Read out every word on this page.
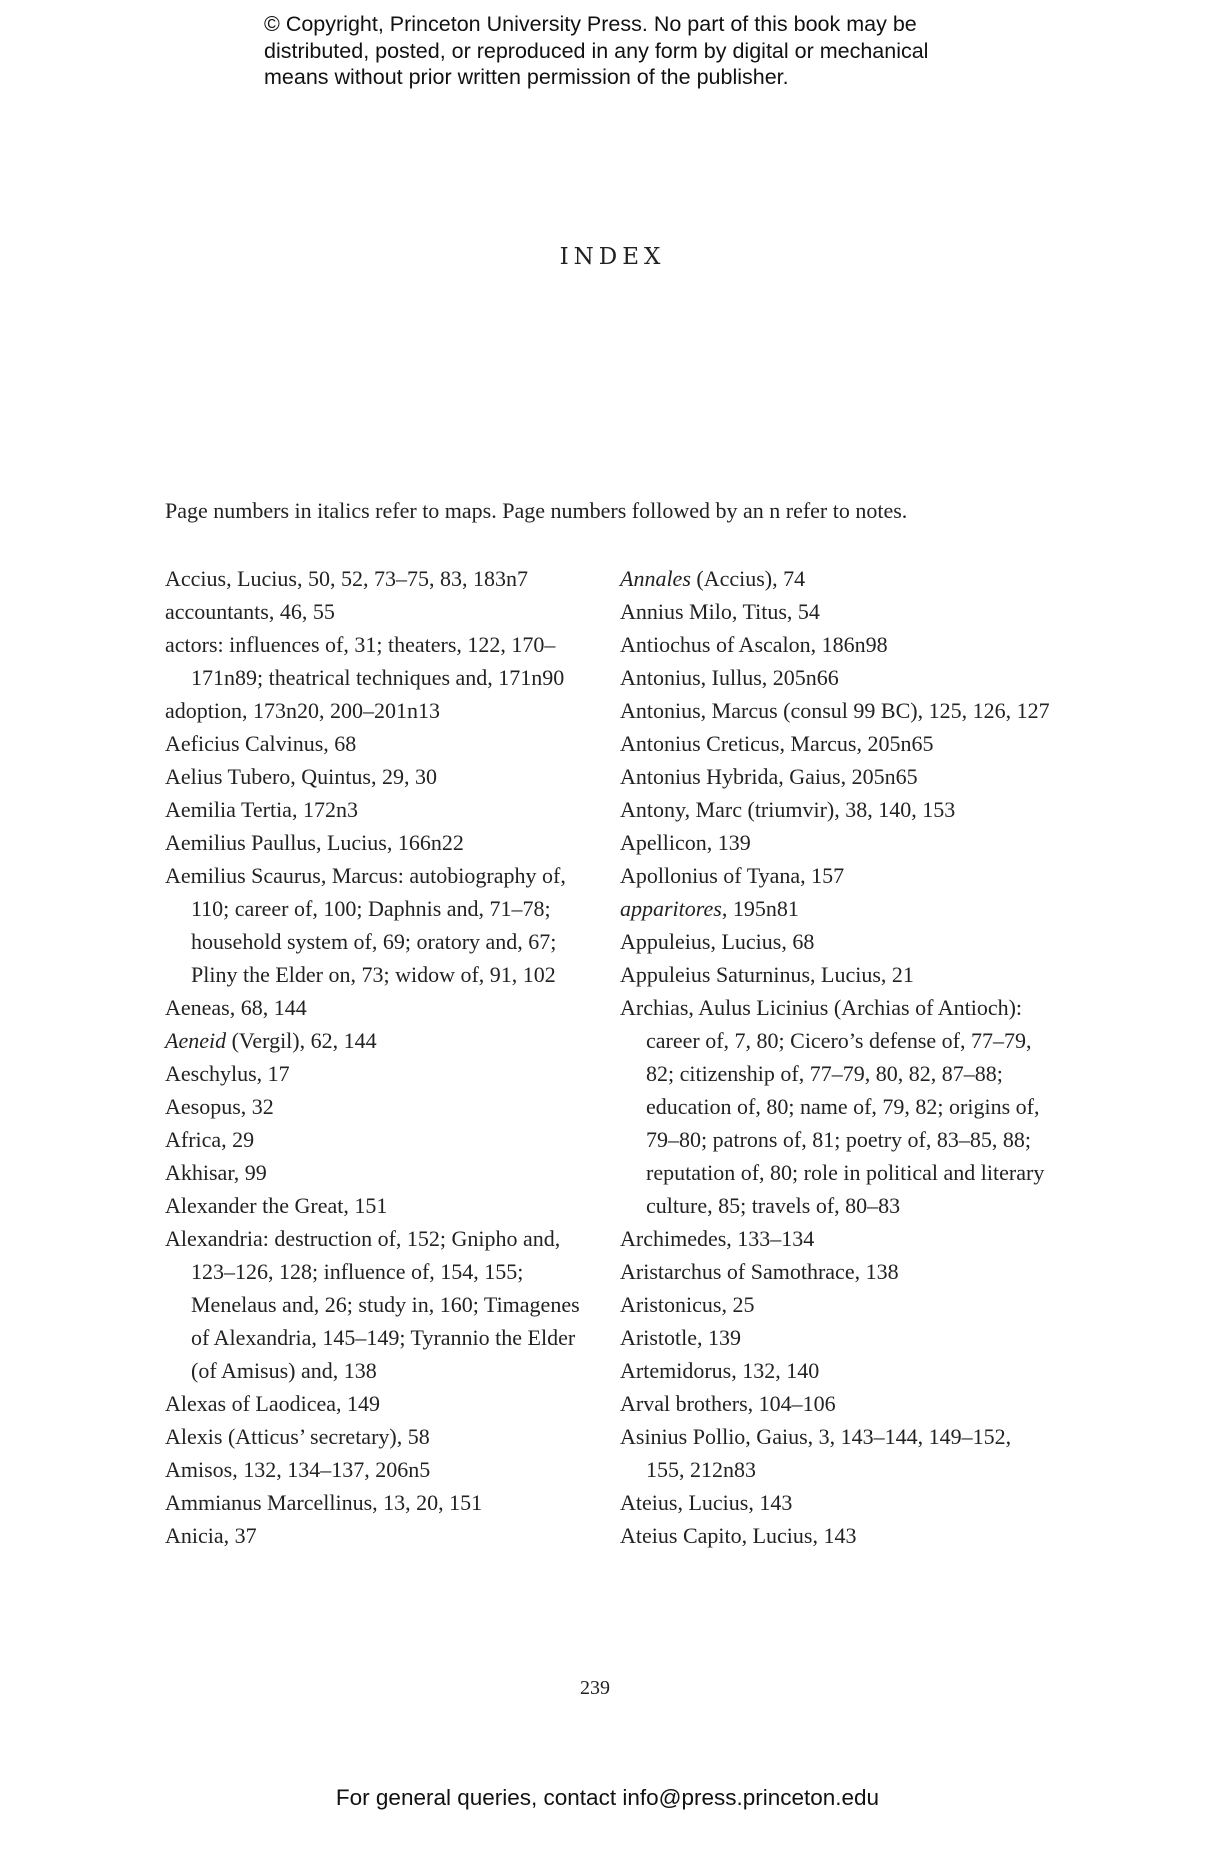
© Copyright, Princeton University Press. No part of this book may be

distributed, posted, or reproduced in any form by digital or mechanical

means without prior written permission of the publisher.

INDEX
Page numbers in italics refer to maps. Page numbers followed by an n refer to notes.

Accius, Lucius, 50, 52, 73–75, 83, 183n7

accountants, 46, 55

actors: influences of, 31; theaters, 122, 170–171n89; theatrical techniques and, 171n90

adoption, 173n20, 200–201n13

Aeficius Calvinus, 68

Aelius Tubero, Quintus, 29, 30

Aemilia Tertia, 172n3

Aemilius Paullus, Lucius, 166n22

Aemilius Scaurus, Marcus: autobiography of, 110; career of, 100; Daphnis and, 71–78; household system of, 69; oratory and, 67; Pliny the Elder on, 73; widow of, 91, 102

Aeneas, 68, 144

Aeneid (Vergil), 62, 144

Aeschylus, 17

Aesopus, 32

Africa, 29

Akhisar, 99

Alexander the Great, 151

Alexandria: destruction of, 152; Gnipho and, 123–126, 128; influence of, 154, 155; Menelaus and, 26; study in, 160; Timagenes of Alexandria, 145–149; Tyrannio the Elder (of Amisus) and, 138

Alexas of Laodicea, 149

Alexis (Atticus’ secretary), 58

Amisos, 132, 134–137, 206n5

Ammianus Marcellinus, 13, 20, 151

Anicia, 37

Annales (Accius), 74

Annius Milo, Titus, 54

Antiochus of Ascalon, 186n98

Antonius, Iullus, 205n66

Antonius, Marcus (consul 99 BC), 125, 126, 127

Antonius Creticus, Marcus, 205n65

Antonius Hybrida, Gaius, 205n65

Antony, Marc (triumvir), 38, 140, 153

Apellicon, 139

Apollonius of Tyana, 157

apparitores, 195n81

Appuleius, Lucius, 68

Appuleius Saturninus, Lucius, 21

Archias, Aulus Licinius (Archias of Antioch): career of, 7, 80; Cicero’s defense of, 77–79, 82; citizenship of, 77–79, 80, 82, 87–88; education of, 80; name of, 79, 82; origins of, 79–80; patrons of, 81; poetry of, 83–85, 88; reputation of, 80; role in political and literary culture, 85; travels of, 80–83

Archimedes, 133–134

Aristarchus of Samothrace, 138

Aristonicus, 25

Aristotle, 139

Artemidorus, 132, 140

Arval brothers, 104–106

Asinius Pollio, Gaius, 3, 143–144, 149–152, 155, 212n83

Ateius, Lucius, 143

Ateius Capito, Lucius, 143

239
For general queries, contact info@press.princeton.edu
